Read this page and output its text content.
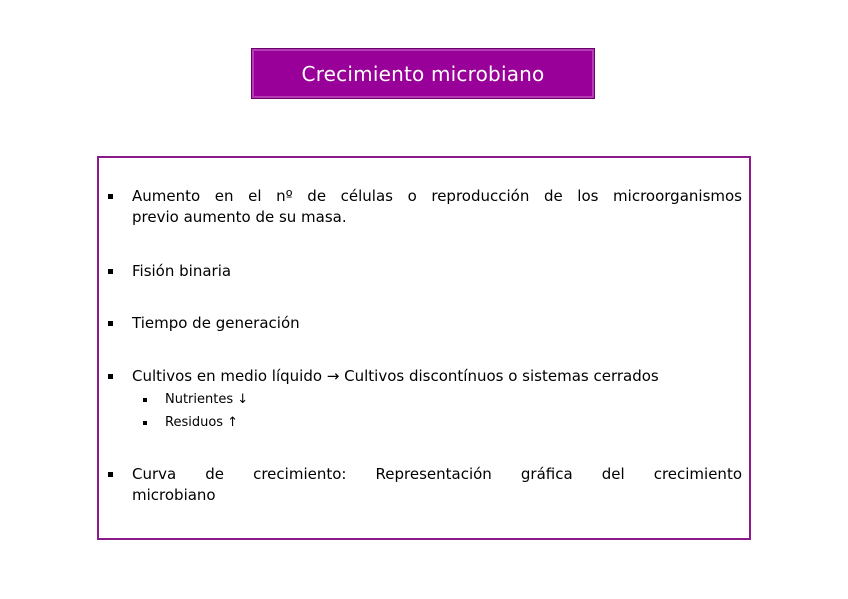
Crecimiento microbiano
Aumento en el nº de células o reproducción de los microorganismos
previo aumento de su masa.
Fisión binaria
Tiempo de generación
Cultivos en medio líquido → Cultivos discontínuos o sistemas cerrados
Nutrientes ↓
Residuos ↑
Curva de crecimiento: Representación gráfica del crecimiento
microbiano
